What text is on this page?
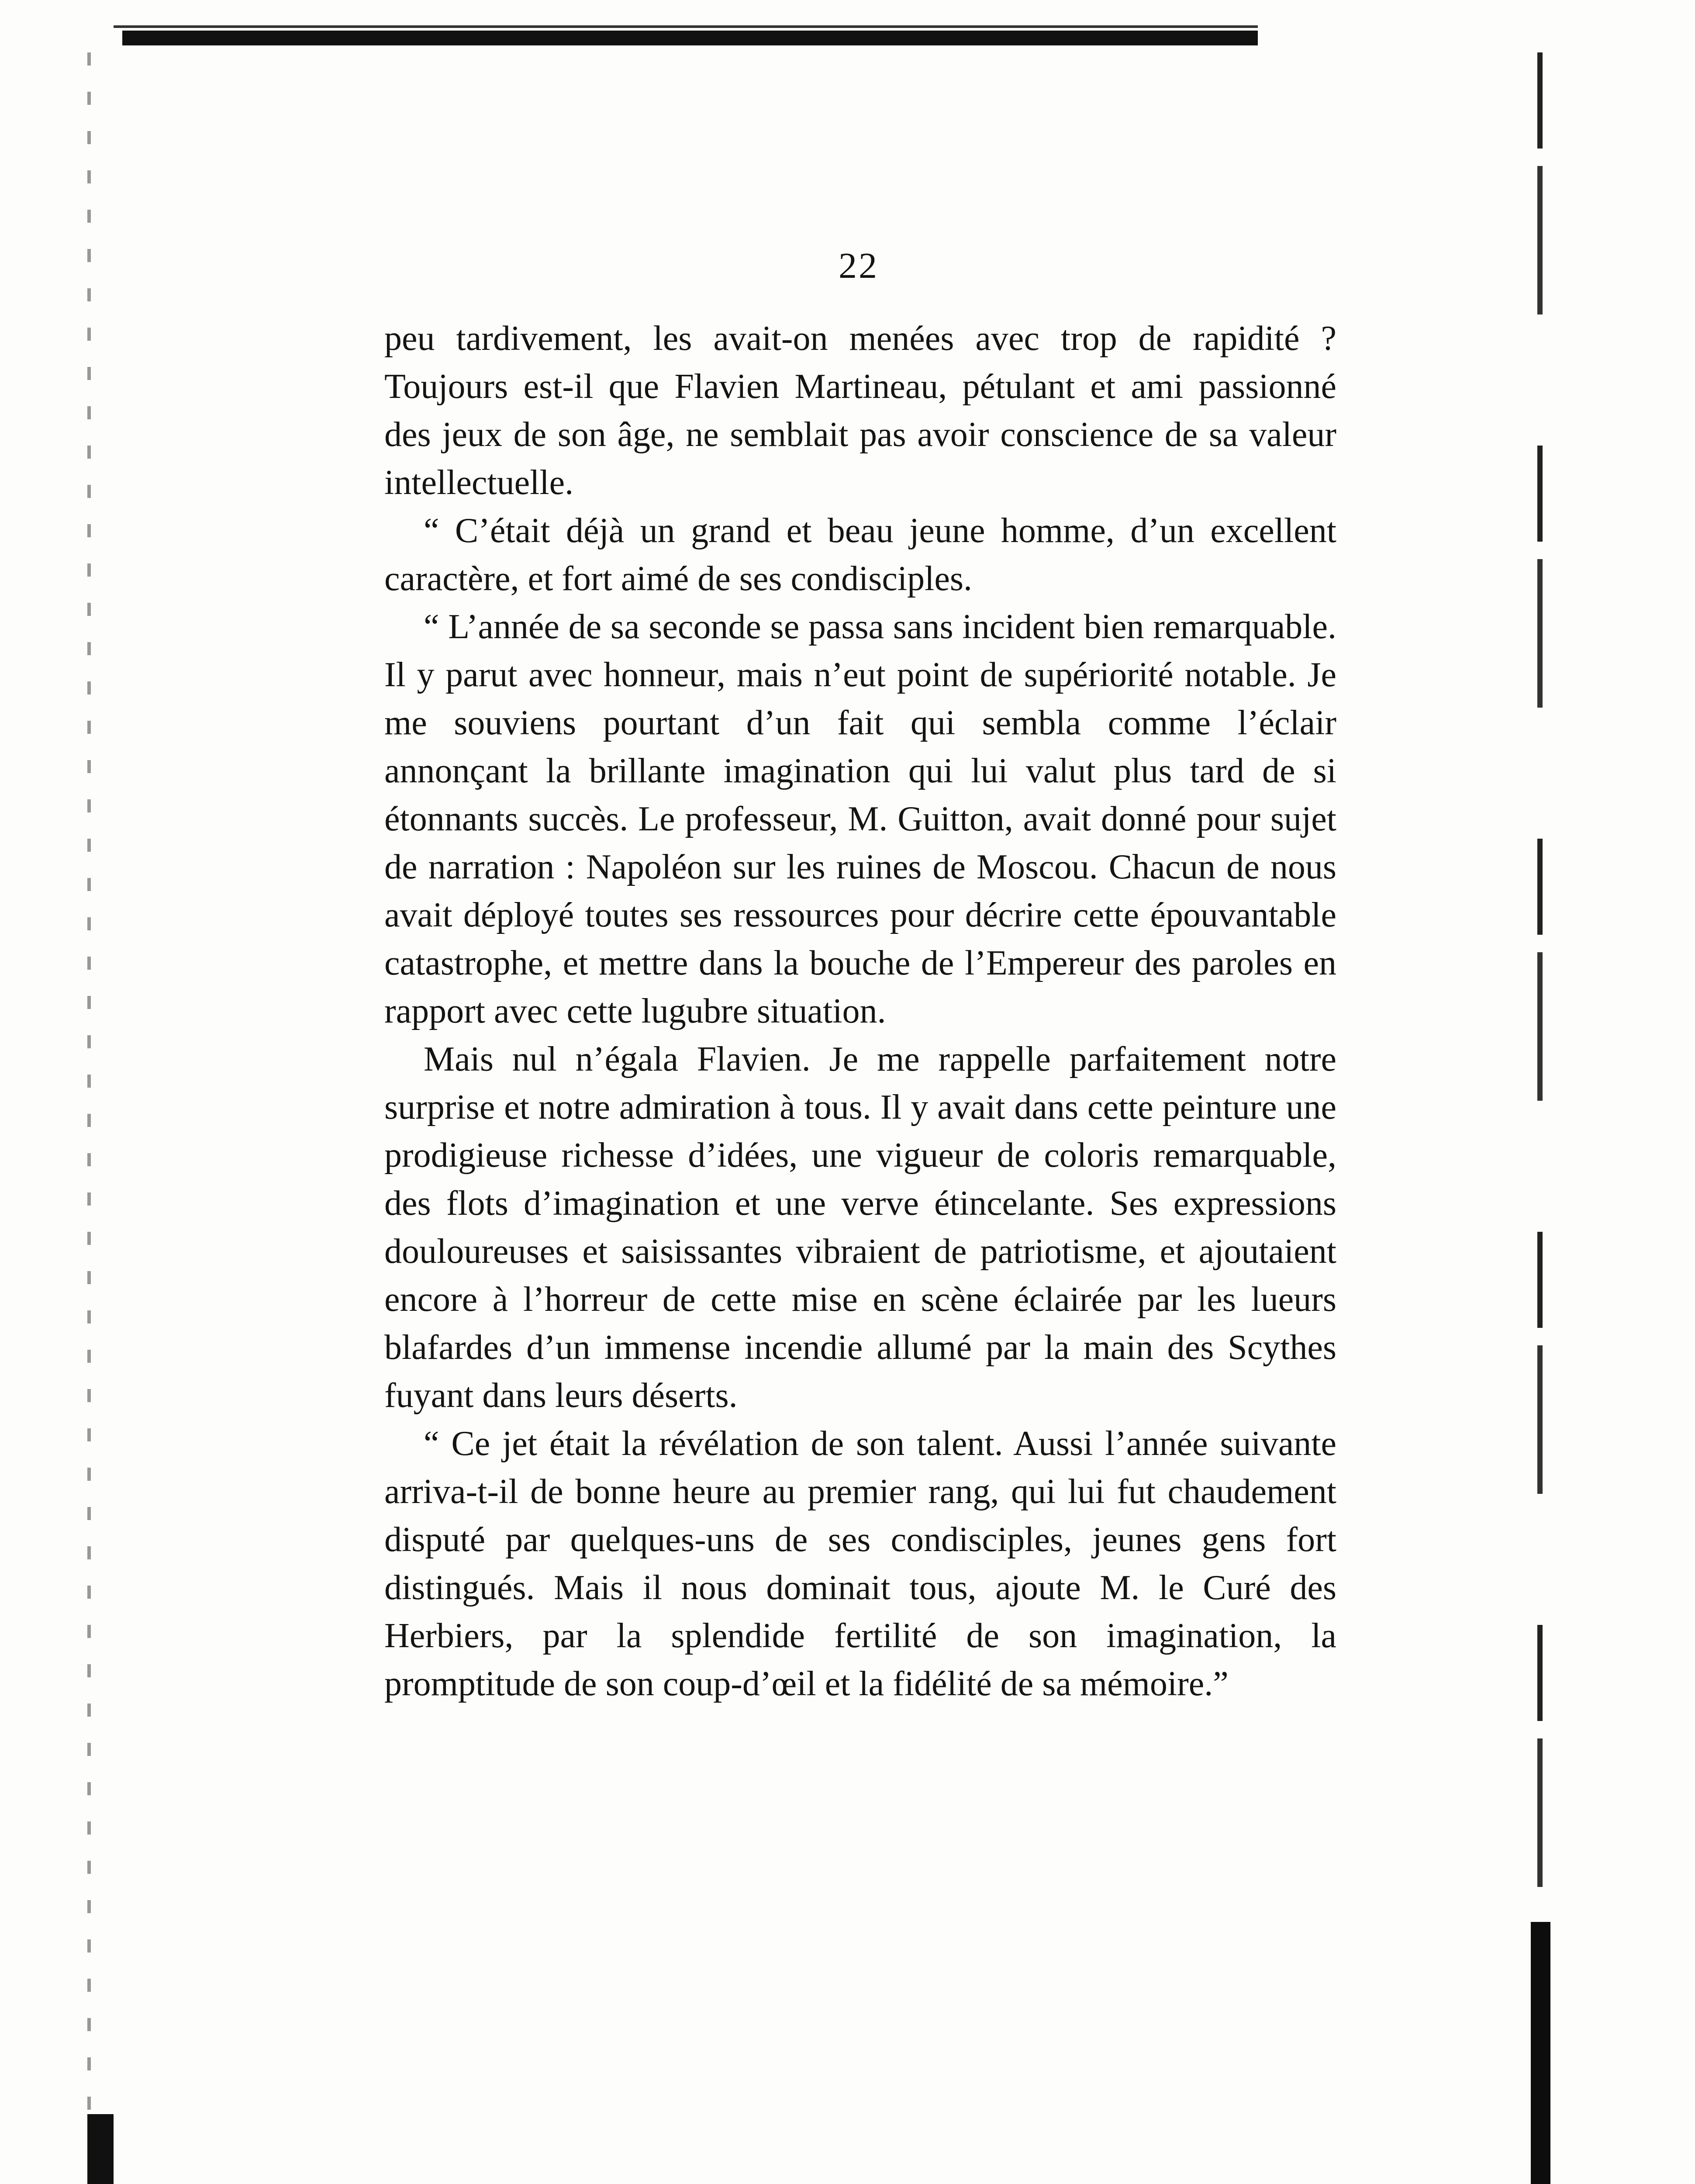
22

peu tardivement, les avait-on menées avec trop de rapidité ? Toujours est-il que Flavien Martineau, pétulant et ami passionné des jeux de son âge, ne semblait pas avoir conscience de sa valeur intellectuelle.

“ C’était déjà un grand et beau jeune homme, d’un excellent caractère, et fort aimé de ses condisciples.

“ L’année de sa seconde se passa sans incident bien remarquable. Il y parut avec honneur, mais n’eut point de supériorité notable. Je me souviens pourtant d’un fait qui sembla comme l’éclair annonçant la brillante imagination qui lui valut plus tard de si étonnants succès. Le professeur, M. Guitton, avait donné pour sujet de narration : Napoléon sur les ruines de Moscou. Chacun de nous avait déployé toutes ses ressources pour décrire cette épouvantable catastrophe, et mettre dans la bouche de l’Empereur des paroles en rapport avec cette lugubre situation.

Mais nul n’égala Flavien. Je me rappelle parfaitement notre surprise et notre admiration à tous. Il y avait dans cette peinture une prodigieuse richesse d’idées, une vigueur de coloris remarquable, des flots d’imagination et une verve étincelante. Ses expressions douloureuses et saisissantes vibraient de patriotisme, et ajoutaient encore à l’horreur de cette mise en scène éclairée par les lueurs blafardes d’un immense incendie allumé par la main des Scythes fuyant dans leurs déserts.

“ Ce jet était la révélation de son talent. Aussi l’année suivante arriva-t-il de bonne heure au premier rang, qui lui fut chaudement disputé par quelques-uns de ses condisciples, jeunes gens fort distingués. Mais il nous dominait tous, ajoute M. le Curé des Herbiers, par la splendide fertilité de son imagination, la promptitude de son coup-d’œil et la fidélité de sa mémoire.”
